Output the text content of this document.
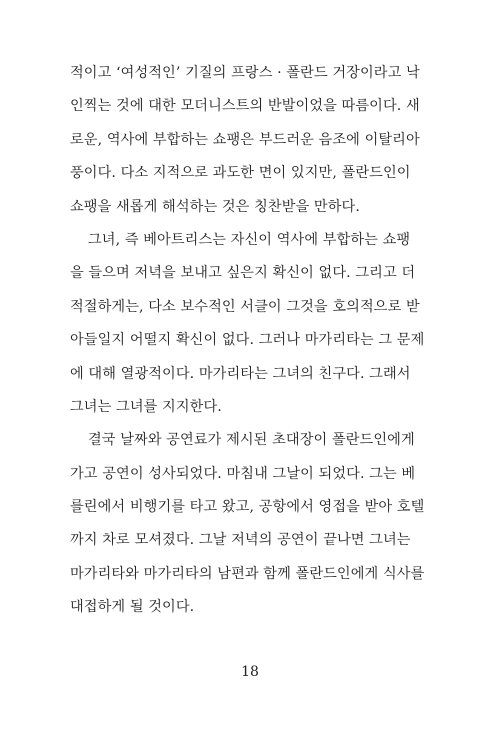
적이고 ‘여성적인’ 기질의 프랑스 · 폴란드 거장이라고 낙
인찍는 것에 대한 모더니스트의 반발이었을 따름이다. 새
로운, 역사에 부합하는 쇼팽은 부드러운 음조에 이탈리아
풍이다. 다소 지적으로 과도한 면이 있지만, 폴란드인이
쇼팽을 새롭게 해석하는 것은 칭찬받을 만하다.
그녀, 즉 베아트리스는 자신이 역사에 부합하는 쇼팽
을 들으며 저녁을 보내고 싶은지 확신이 없다. 그리고 더
적절하게는, 다소 보수적인 서클이 그것을 호의적으로 받
아들일지 어떨지 확신이 없다. 그러나 마가리타는 그 문제
에 대해 열광적이다. 마가리타는 그녀의 친구다. 그래서
그녀는 그녀를 지지한다.
결국 날짜와 공연료가 제시된 초대장이 폴란드인에게
가고 공연이 성사되었다. 마침내 그날이 되었다. 그는 베
를린에서 비행기를 타고 왔고, 공항에서 영접을 받아 호텔
까지 차로 모셔졌다. 그날 저녁의 공연이 끝나면 그녀는
마가리타와 마가리타의 남편과 함께 폴란드인에게 식사를
대접하게 될 것이다.
18
